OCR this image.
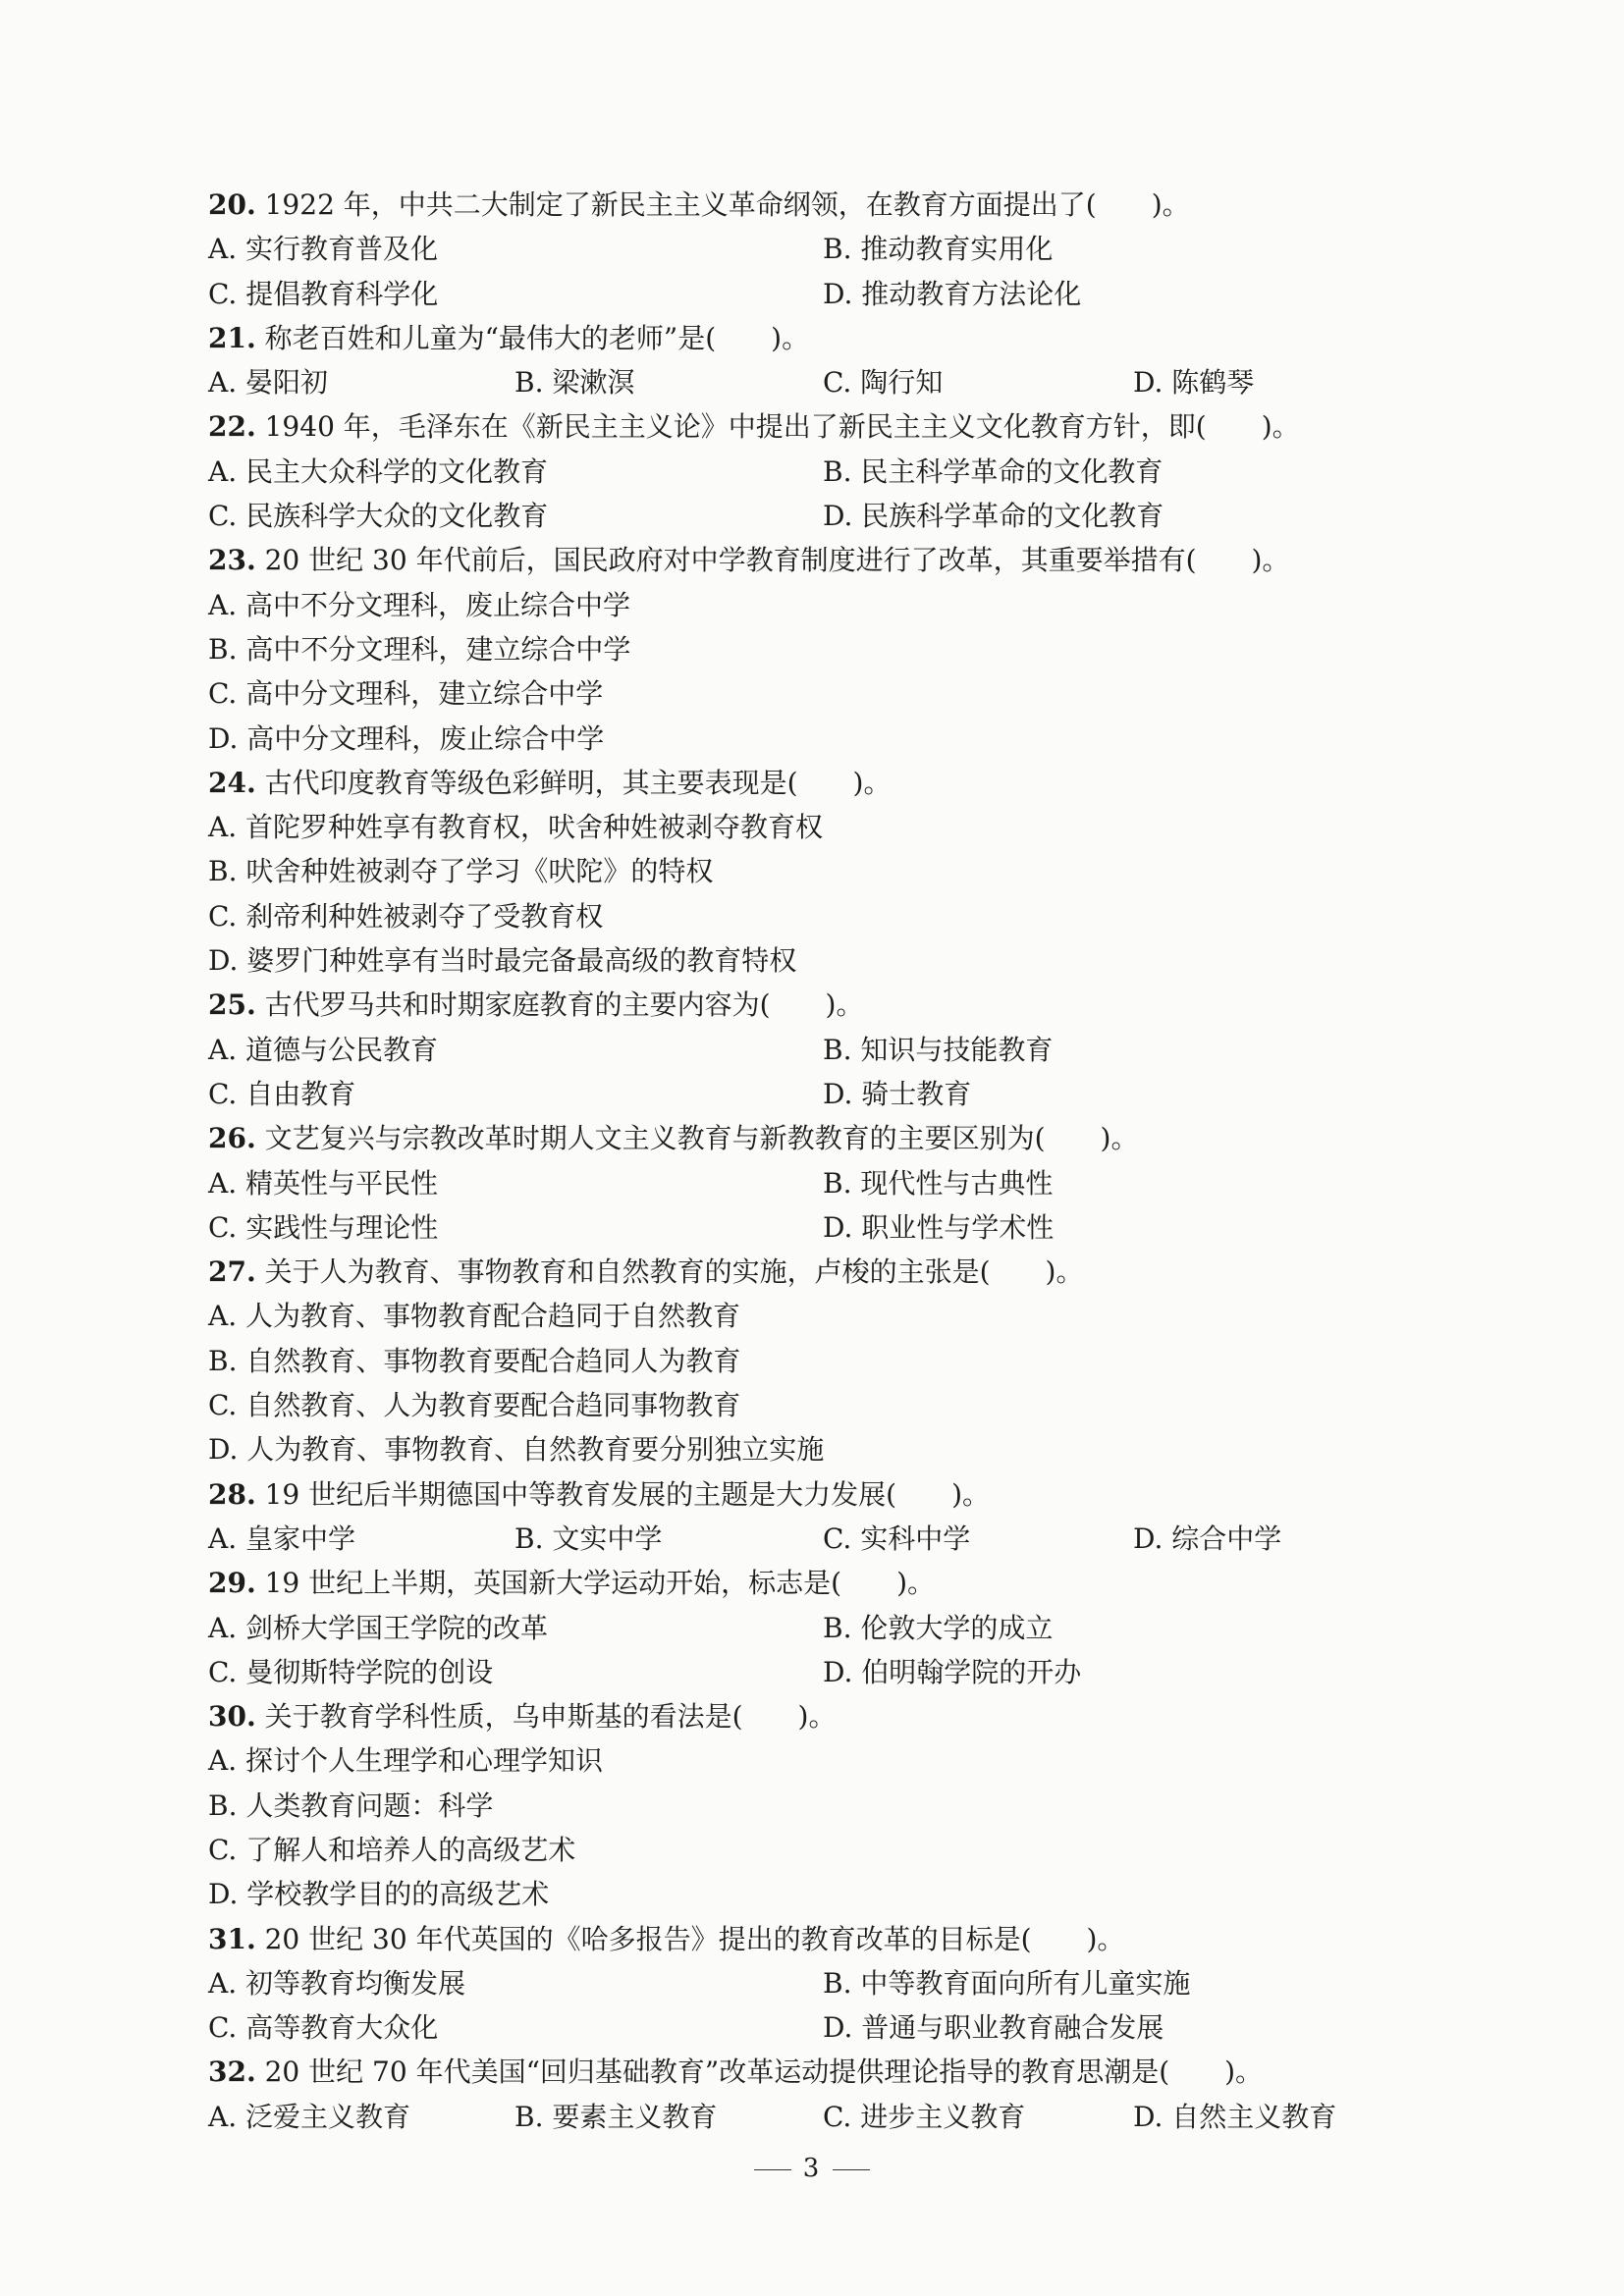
20. 1922 年，中共二大制定了新民主主义革命纲领，在教育方面提出了(　　)。
A. 实行教育普及化	B. 推动教育实用化
C. 提倡教育科学化	D. 推动教育方法论化
21. 称老百姓和儿童为“最伟大的老师”是(　　)。
A. 晏阳初	B. 梁漱溟	C. 陶行知	D. 陈鹤琴
22. 1940 年，毛泽东在《新民主主义论》中提出了新民主主义文化教育方针，即(　　)。
A. 民主大众科学的文化教育	B. 民主科学革命的文化教育
C. 民族科学大众的文化教育	D. 民族科学革命的文化教育
23. 20 世纪 30 年代前后，国民政府对中学教育制度进行了改革，其重要举措有(　　)。
A. 高中不分文理科，废止综合中学
B. 高中不分文理科，建立综合中学
C. 高中分文理科，建立综合中学
D. 高中分文理科，废止综合中学
24. 古代印度教育等级色彩鲜明，其主要表现是(　　)。
A. 首陀罗种姓享有教育权，吠舍种姓被剥夺教育权
B. 吠舍种姓被剥夺了学习《吠陀》的特权
C. 刹帝利种姓被剥夺了受教育权
D. 婆罗门种姓享有当时最完备最高级的教育特权
25. 古代罗马共和时期家庭教育的主要内容为(　　)。
A. 道德与公民教育	B. 知识与技能教育
C. 自由教育	D. 骑士教育
26. 文艺复兴与宗教改革时期人文主义教育与新教教育的主要区别为(　　)。
A. 精英性与平民性	B. 现代性与古典性
C. 实践性与理论性	D. 职业性与学术性
27. 关于人为教育、事物教育和自然教育的实施，卢梭的主张是(　　)。
A. 人为教育、事物教育配合趋同于自然教育
B. 自然教育、事物教育要配合趋同人为教育
C. 自然教育、人为教育要配合趋同事物教育
D. 人为教育、事物教育、自然教育要分别独立实施
28. 19 世纪后半期德国中等教育发展的主题是大力发展(　　)。
A. 皇家中学	B. 文实中学	C. 实科中学	D. 综合中学
29. 19 世纪上半期，英国新大学运动开始，标志是(　　)。
A. 剑桥大学国王学院的改革	B. 伦敦大学的成立
C. 曼彻斯特学院的创设	D. 伯明翰学院的开办
30. 关于教育学科性质，乌申斯基的看法是(　　)。
A. 探讨个人生理学和心理学知识
B. 人类教育问题：科学
C. 了解人和培养人的高级艺术
D. 学校教学目的的高级艺术
31. 20 世纪 30 年代英国的《哈多报告》提出的教育改革的目标是(　　)。
A. 初等教育均衡发展	B. 中等教育面向所有儿童实施
C. 高等教育大众化	D. 普通与职业教育融合发展
32. 20 世纪 70 年代美国“回归基础教育”改革运动提供理论指导的教育思潮是(　　)。
A. 泛爱主义教育	B. 要素主义教育	C. 进步主义教育	D. 自然主义教育
3
